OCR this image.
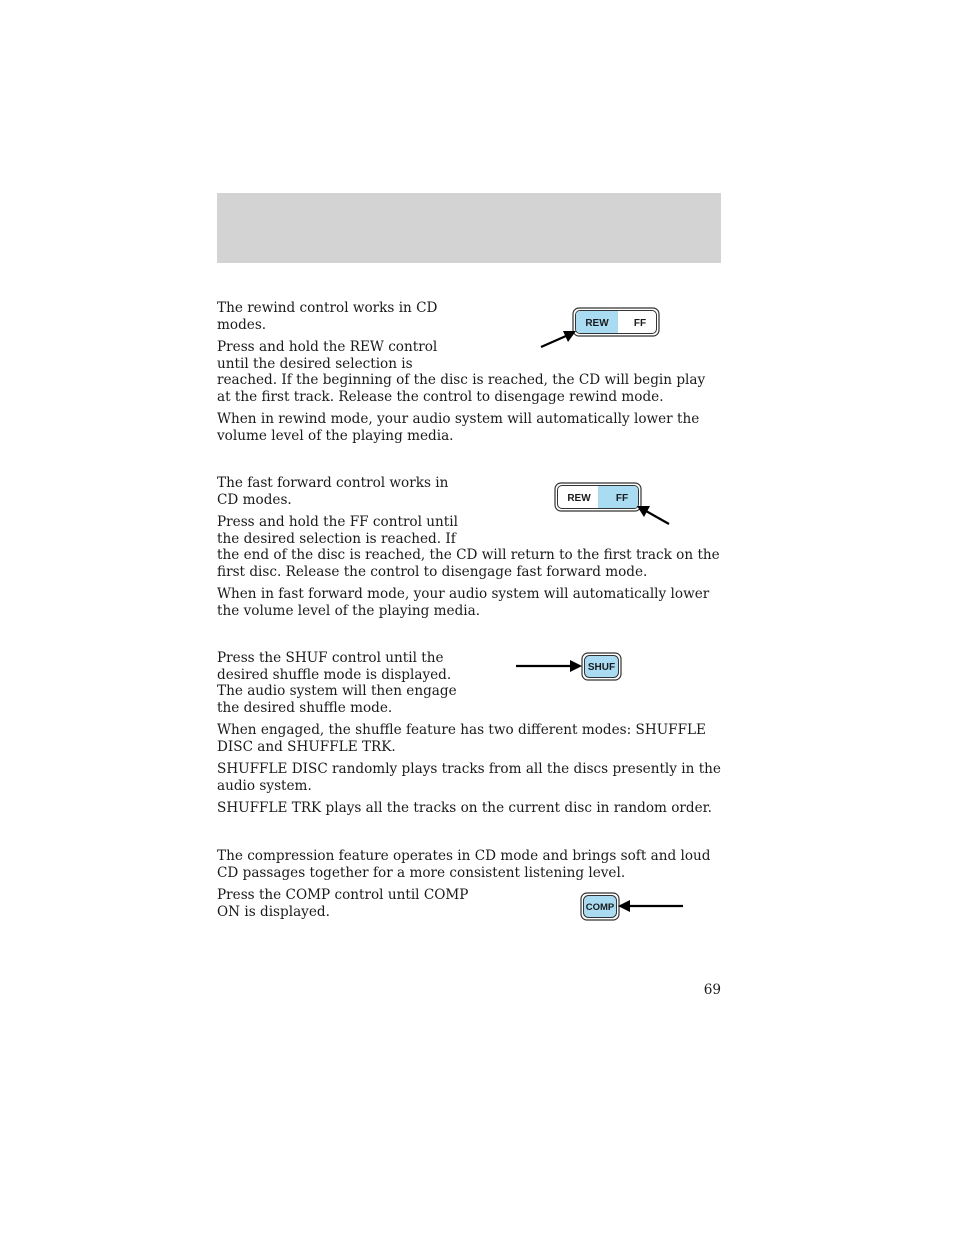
The rewind control works in CD modes.

Press and hold the REW control until the desired selection is

reached. If the beginning of the disc is reached, the CD will begin play at the first track. Release the control to disengage rewind mode.

When in rewind mode, your audio system will automatically lower the volume level of the playing media.

REW	FF

The fast forward control works in CD modes.

Press and hold the FF control until the desired selection is reached. If

the end of the disc is reached, the CD will return to the first track on the first disc. Release the control to disengage fast forward mode.

When in fast forward mode, your audio system will automatically lower the volume level of the playing media.

REW	FF

Press the SHUF control until the desired shuffle mode is displayed. The audio system will then engage the desired shuffle mode.

When engaged, the shuffle feature has two different modes: SHUFFLE DISC and SHUFFLE TRK.

SHUFFLE DISC randomly plays tracks from all the discs presently in the audio system.

SHUFFLE TRK plays all the tracks on the current disc in random order.

SHUF

The compression feature operates in CD mode and brings soft and loud CD passages together for a more consistent listening level.

Press the COMP control until COMP ON is displayed.	COMP
69
